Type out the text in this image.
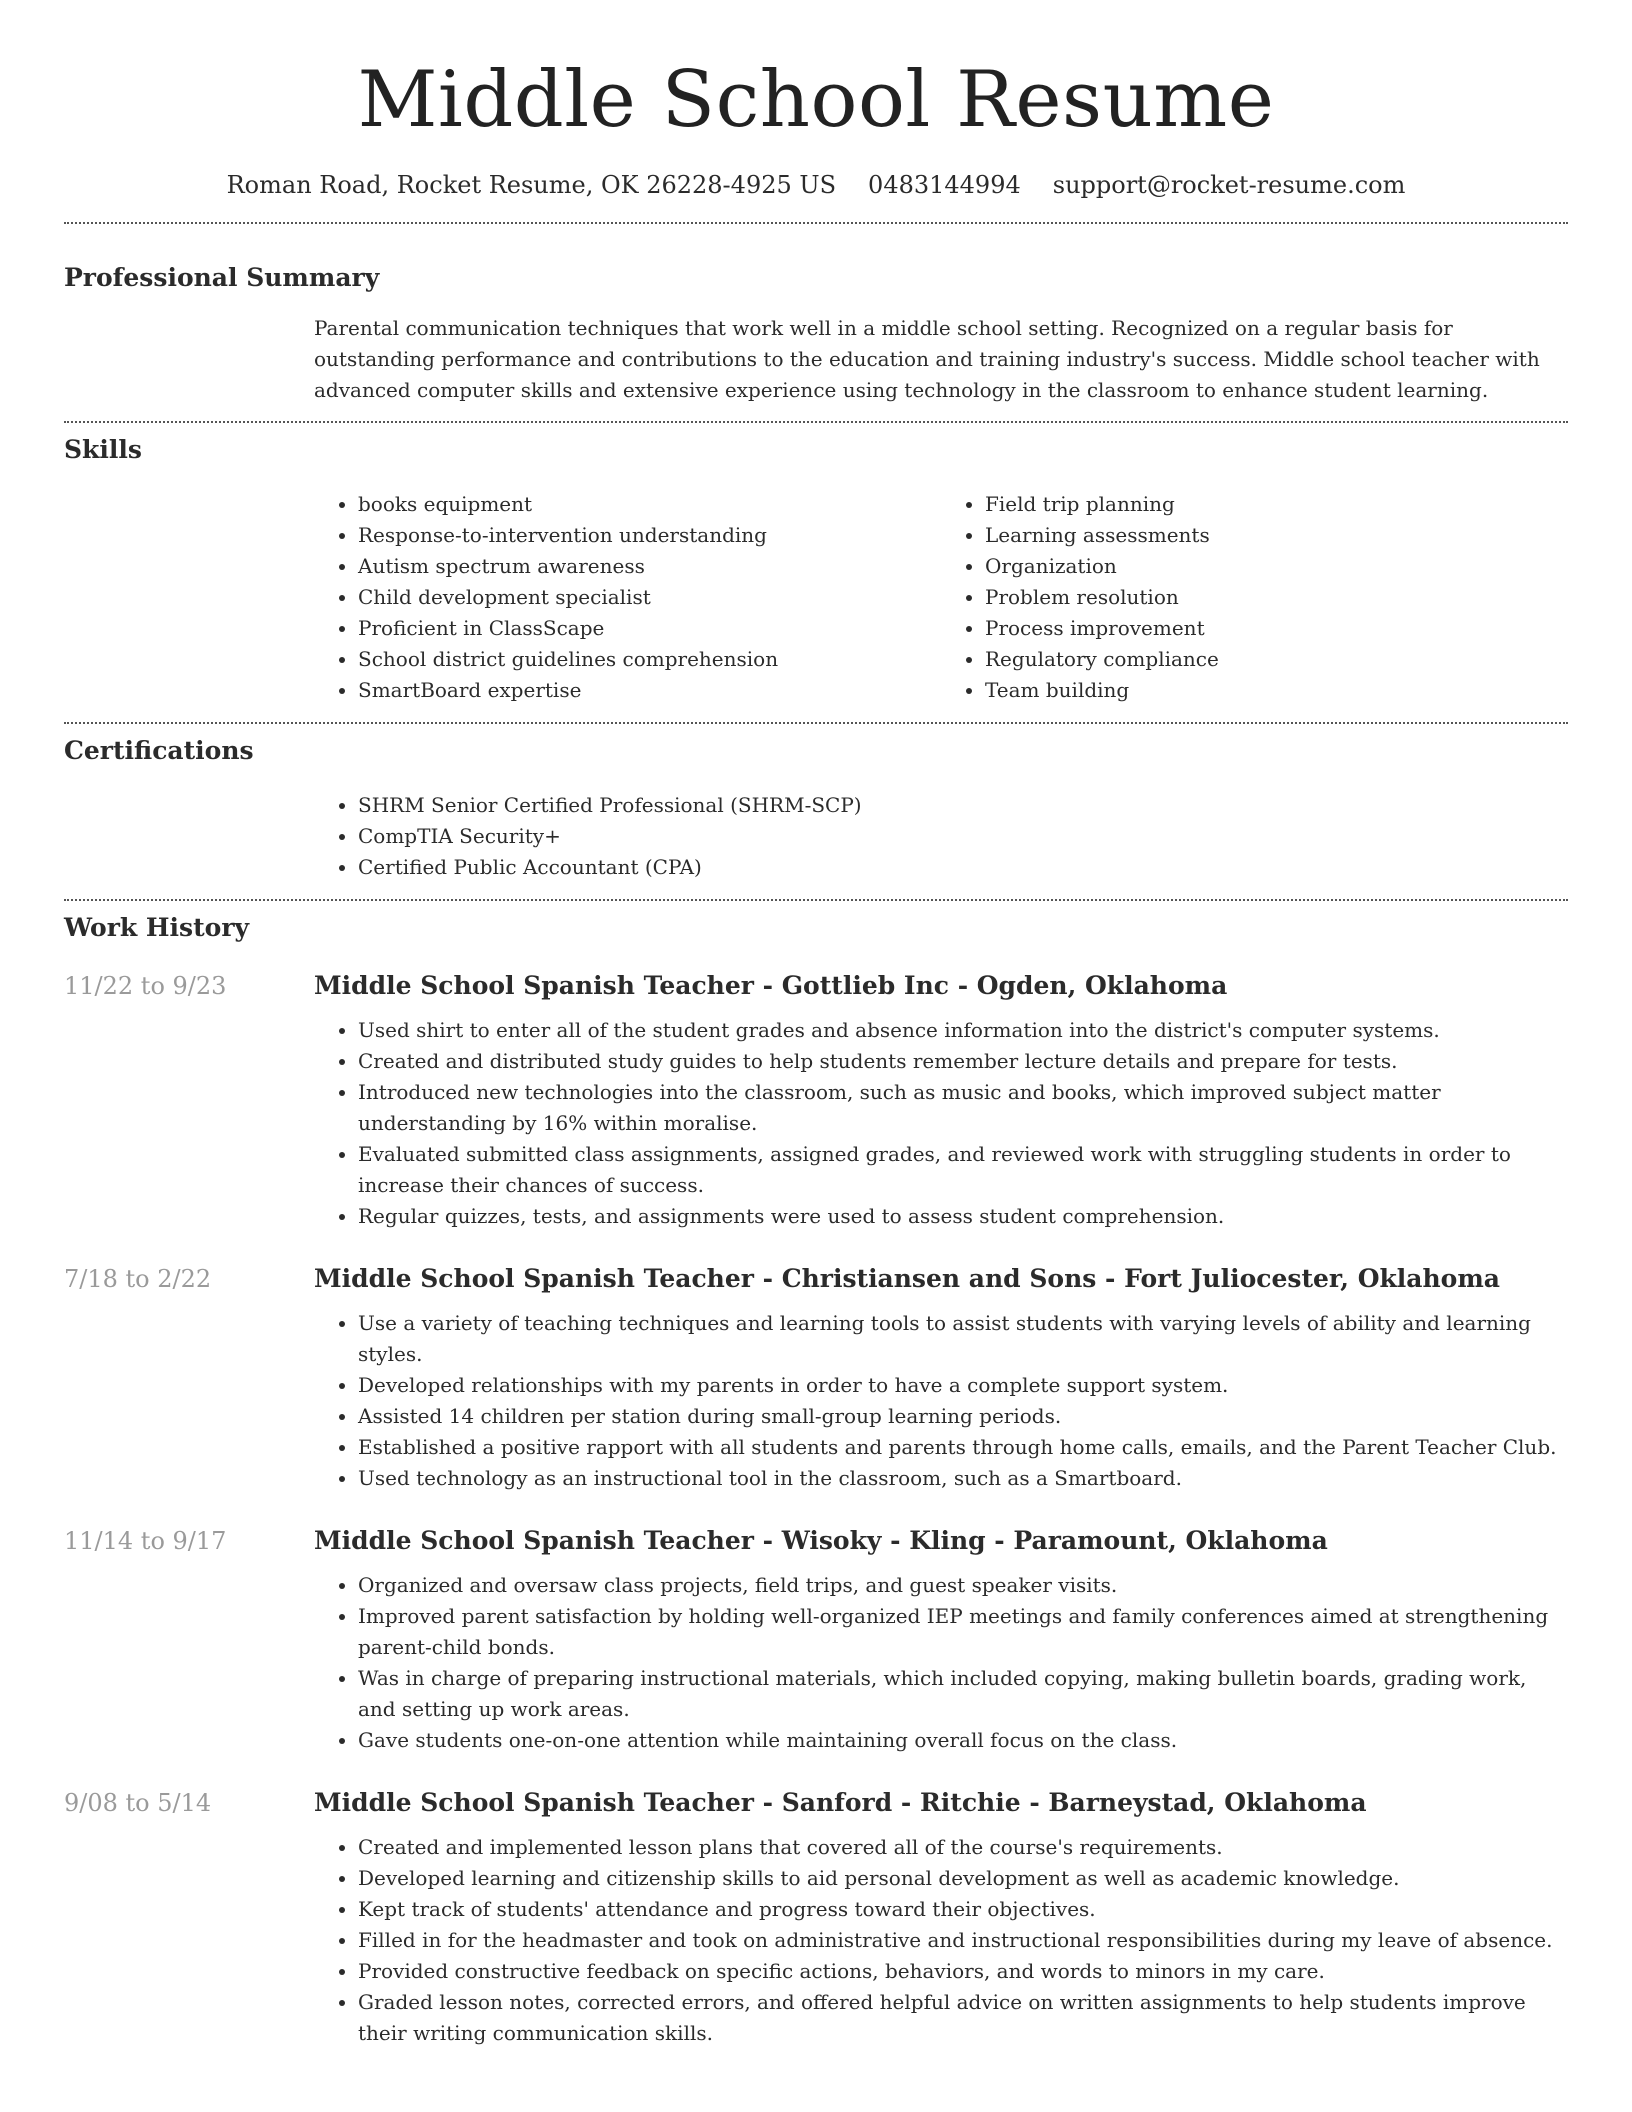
Middle School Resume
Roman Road, Rocket Resume, OK 26228-4925 US 0483144994 support@rocket-resume.com
Professional Summary

Parental communication techniques that work well in a middle school setting. Recognized on a regular basis for outstanding performance and contributions to the education and training industry's success. Middle school teacher with advanced computer skills and extensive experience using technology in the classroom to enhance student learning.

Skills
• books equipment
• Response-to-intervention understanding
• Autism spectrum awareness
• Child development specialist
• Proficient in ClassScape
• School district guidelines comprehension
• SmartBoard expertise
• Field trip planning
• Learning assessments
• Organization
• Problem resolution
• Process improvement
• Regulatory compliance
• Team building
Certifications
• SHRM Senior Certified Professional (SHRM-SCP)
• CompTIA Security+
• Certified Public Accountant (CPA)
Work History
11/22 to 9/23	Middle School Spanish Teacher - Gottlieb Inc - Ogden, Oklahoma
• Used shirt to enter all of the student grades and absence information into the district's computer systems.
• Created and distributed study guides to help students remember lecture details and prepare for tests.
• Introduced new technologies into the classroom, such as music and books, which improved subject matter understanding by 16% within moralise.
• Evaluated submitted class assignments, assigned grades, and reviewed work with struggling students in order to increase their chances of success.
• Regular quizzes, tests, and assignments were used to assess student comprehension.
7/18 to 2/22	Middle School Spanish Teacher - Christiansen and Sons - Fort Juliocester, Oklahoma
• Use a variety of teaching techniques and learning tools to assist students with varying levels of ability and learning styles.
• Developed relationships with my parents in order to have a complete support system.
• Assisted 14 children per station during small-group learning periods.
• Established a positive rapport with all students and parents through home calls, emails, and the Parent Teacher Club.
• Used technology as an instructional tool in the classroom, such as a Smartboard.
11/14 to 9/17	Middle School Spanish Teacher - Wisoky - Kling - Paramount, Oklahoma
• Organized and oversaw class projects, field trips, and guest speaker visits.
• Improved parent satisfaction by holding well-organized IEP meetings and family conferences aimed at strengthening parent-child bonds.
• Was in charge of preparing instructional materials, which included copying, making bulletin boards, grading work, and setting up work areas.
• Gave students one-on-one attention while maintaining overall focus on the class.
9/08 to 5/14	Middle School Spanish Teacher - Sanford - Ritchie - Barneystad, Oklahoma
• Created and implemented lesson plans that covered all of the course's requirements.
• Developed learning and citizenship skills to aid personal development as well as academic knowledge.
• Kept track of students' attendance and progress toward their objectives.
• Filled in for the headmaster and took on administrative and instructional responsibilities during my leave of absence.
• Provided constructive feedback on specific actions, behaviors, and words to minors in my care.
• Graded lesson notes, corrected errors, and offered helpful advice on written assignments to help students improve their writing communication skills.
